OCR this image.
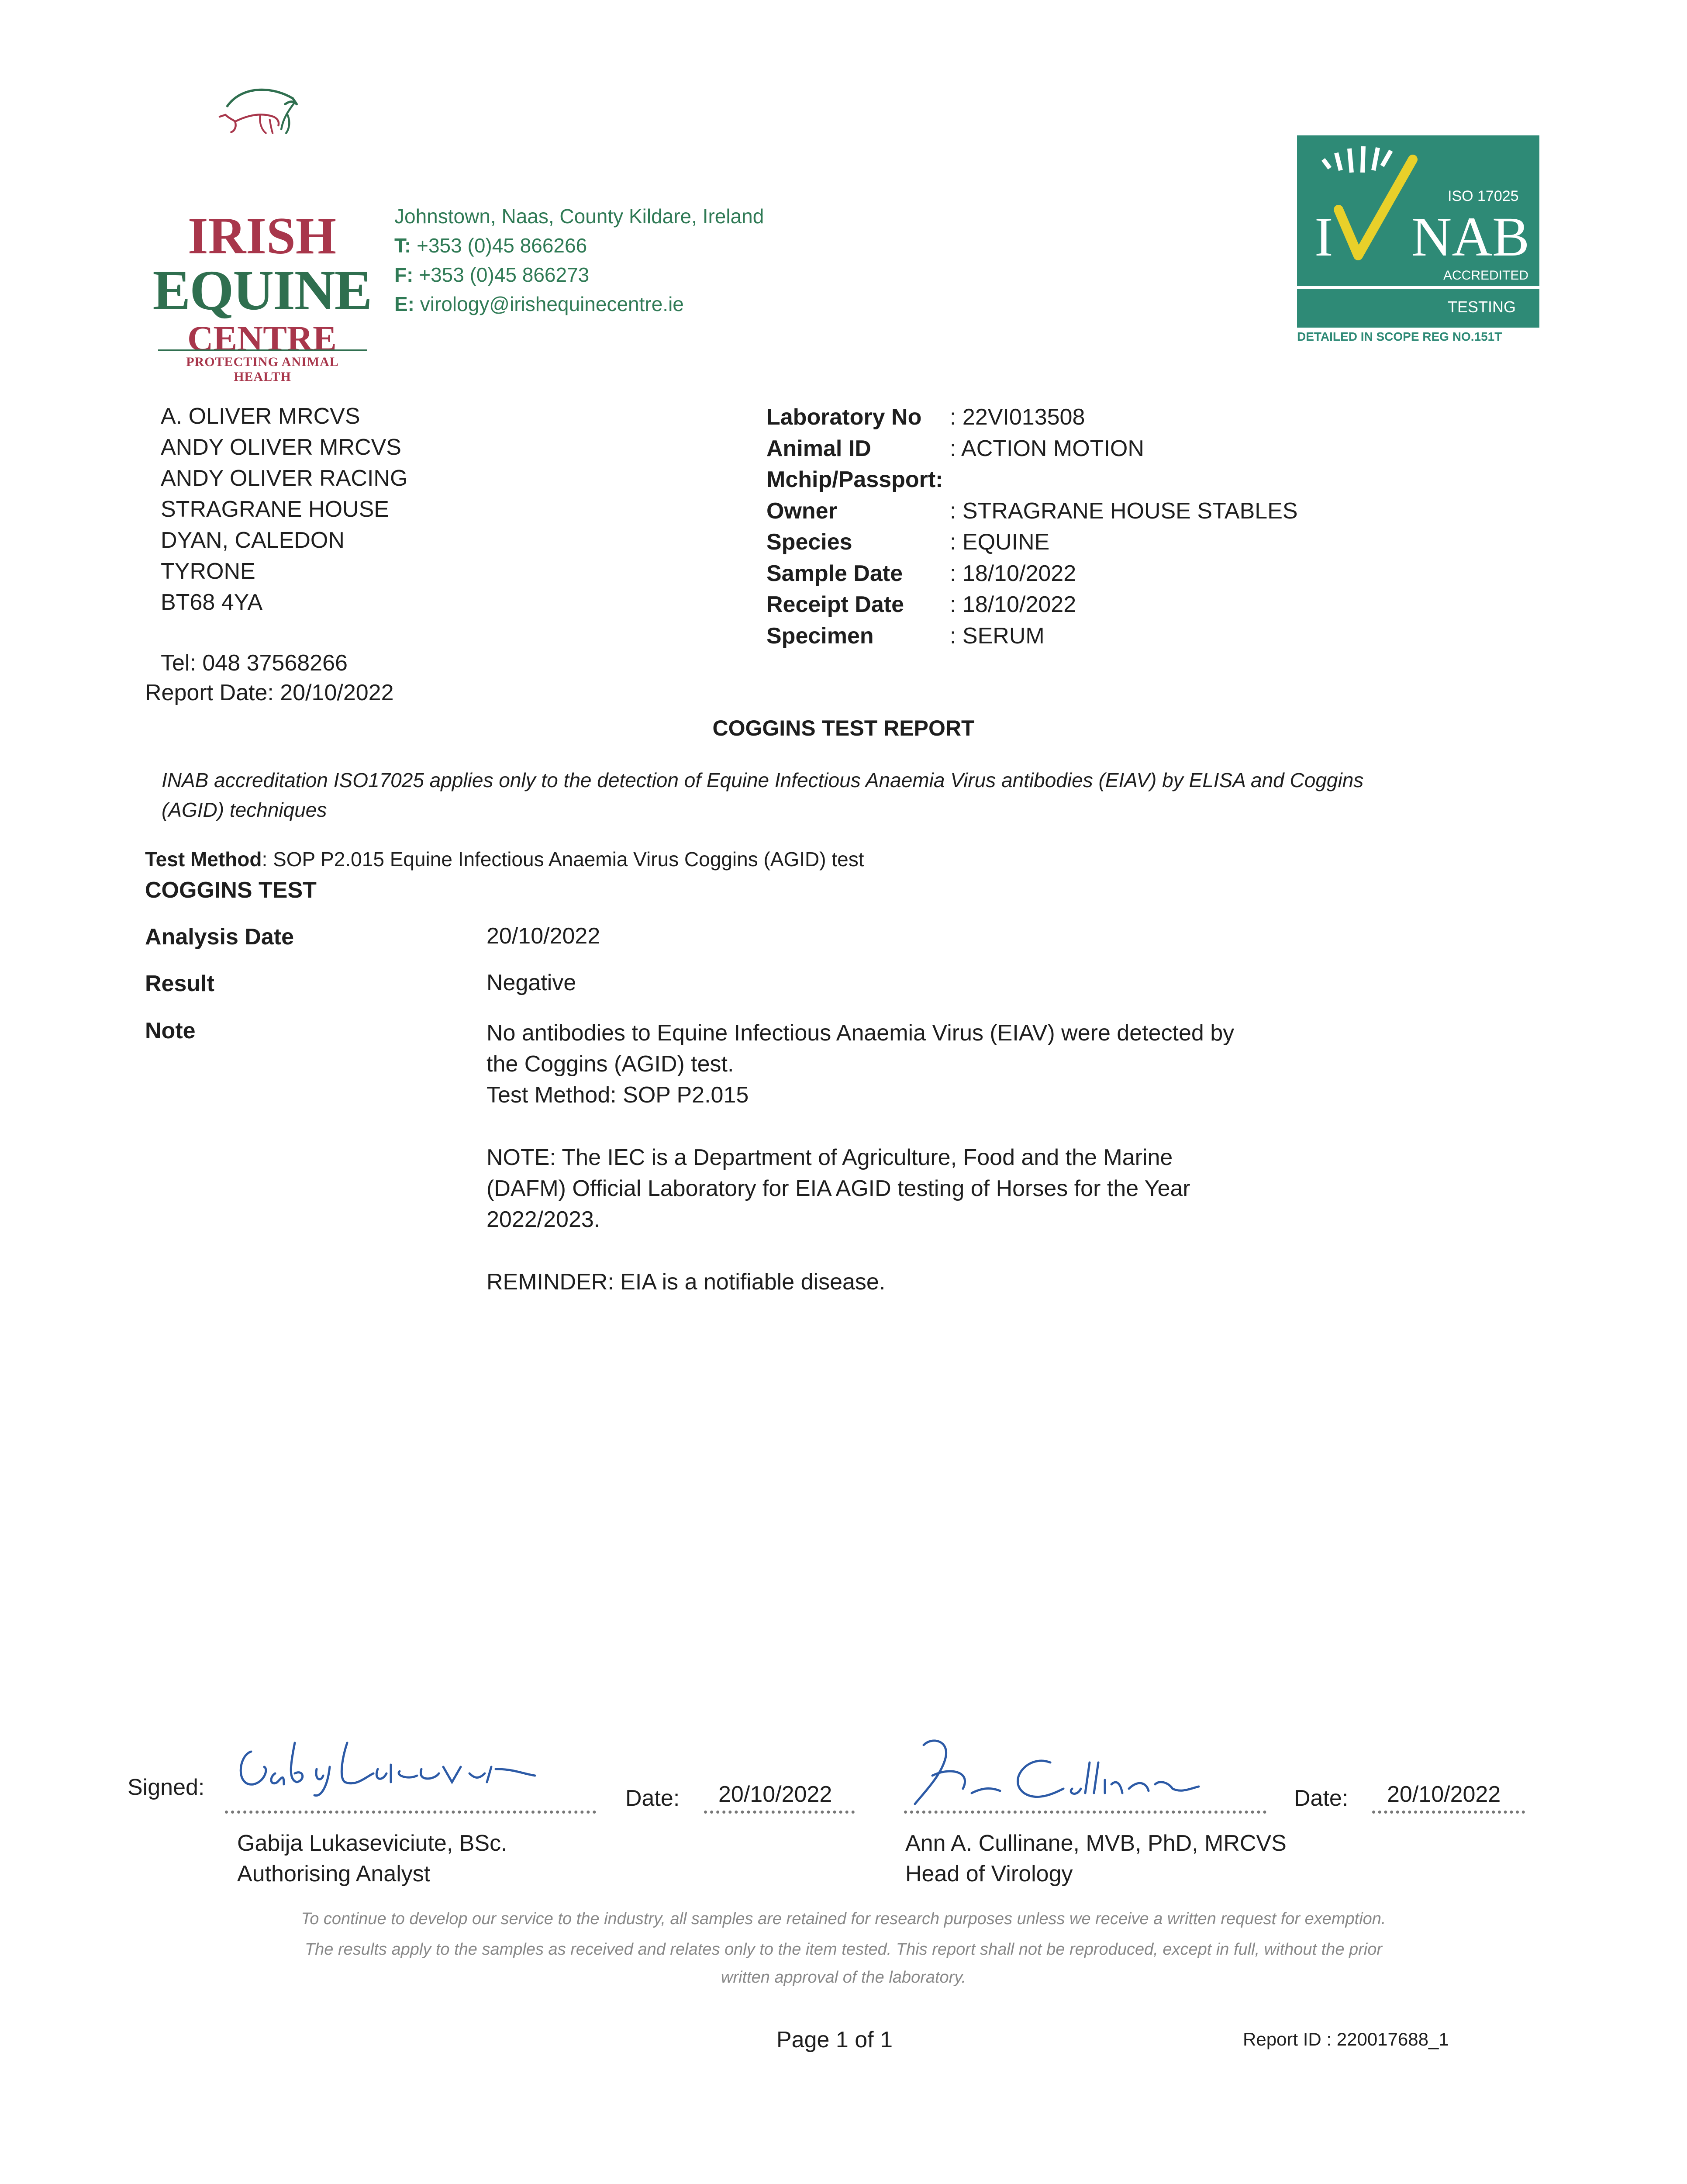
IRISH
EQUINE
CENTRE
PROTECTING ANIMAL HEALTH
Johnstown, Naas, County Kildare, Ireland
T: +353 (0)45 866266
F: +353 (0)45 866273
E: virology@irishequinecentre.ie
I NAB
ISO 17025
ACCREDITED
TESTING
DETAILED IN SCOPE REG NO.151T
A. OLIVER MRCVS
ANDY OLIVER MRCVS
ANDY OLIVER RACING
STRAGRANE HOUSE
DYAN, CALEDON
TYRONE
BT68 4YA
Tel: 048 37568266
Report Date: 20/10/2022
Laboratory No	: 22VI013508
Animal ID	: ACTION MOTION
Mchip/Passport:
Owner	: STRAGRANE HOUSE STABLES
Species	: EQUINE
Sample Date	: 18/10/2022
Receipt Date	: 18/10/2022
Specimen	: SERUM
COGGINS TEST REPORT
INAB accreditation ISO17025 applies only to the detection of Equine Infectious Anaemia Virus antibodies (EIAV) by ELISA and Coggins (AGID) techniques
Test Method: SOP P2.015 Equine Infectious Anaemia Virus Coggins (AGID) test
COGGINS TEST
Analysis Date	20/10/2022
Result	Negative
Note	No antibodies to Equine Infectious Anaemia Virus (EIAV) were detected by
the Coggins (AGID) test.
Test Method: SOP P2.015

NOTE: The IEC is a Department of Agriculture, Food and the Marine
(DAFM) Official Laboratory for EIA AGID testing of Horses for the Year
2022/2023.

REMINDER: EIA is a notifiable disease.

Signed:	Date: 20/10/2022
Gabija Lukaseviciute, BSc.
Authorising Analyst
Date: 20/10/2022
Ann A. Cullinane, MVB, PhD, MRCVS
Head of Virology
To continue to develop our service to the industry, all samples are retained for research purposes unless we receive a written request for exemption.
The results apply to the samples as received and relates only to the item tested. This report shall not be reproduced, except in full, without the prior
written approval of the laboratory.
Page 1 of 1	Report ID : 220017688_1
